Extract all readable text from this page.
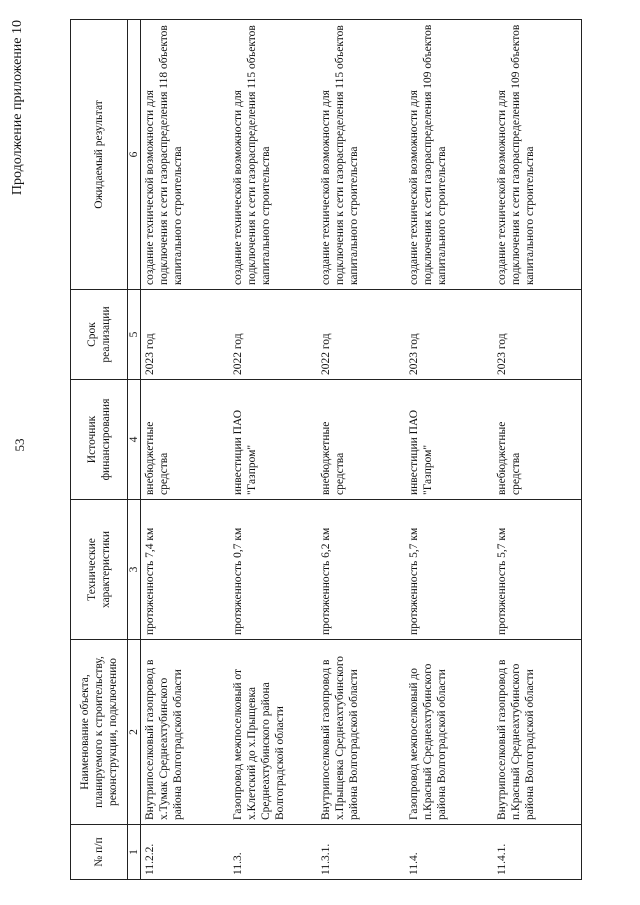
53
Продолжение приложение 10
№ п/п	Наименование объекта, планируемого к строительству, реконструкции, подключению	Технические характеристики	Источник финансирования	Срок реализации	Ожидаемый результат
1	2	3	4	5	6
11.2.2.	Внутрипоселковый газопровод в х.Тумак Среднеахтубинского района Волгоградской области	протяженность 7,4 км	внебюджетные средства	2023 год	создание технической возможности для подключения к сети газораспределения 118 объектов капитального строительства
11.3.	Газопровод межпоселковый от х.Клетский до х.Прыщевка Среднеахтубинского района Волгоградской области	протяженность 0,7 км	инвестиции ПАО "Газпром"	2022 год	создание технической возможности для подключения к сети газораспределения 115 объектов капитального строительства
11.3.1.	Внутрипоселковый газопровод в х.Прыщевка Среднеахтубинского района Волгоградской области	протяженность 6,2 км	внебюджетные средства	2022 год	создание технической возможности для подключения к сети газораспределения 115 объектов капитального строительства
11.4.	Газопровод межпоселковый до п.Красный Среднеахтубинского района Волгоградской области	протяженность 5,7 км	инвестиции ПАО "Газпром"	2023 год	создание технической возможности для подключения к сети газораспределения 109 объектов капитального строительства
11.4.1.	Внутрипоселковый газопровод в п.Красный Среднеахтубинского района Волгоградской области	протяженность 5,7 км	внебюджетные средства	2023 год	создание технической возможности для подключения к сети газораспределения 109 объектов капитального строительства
